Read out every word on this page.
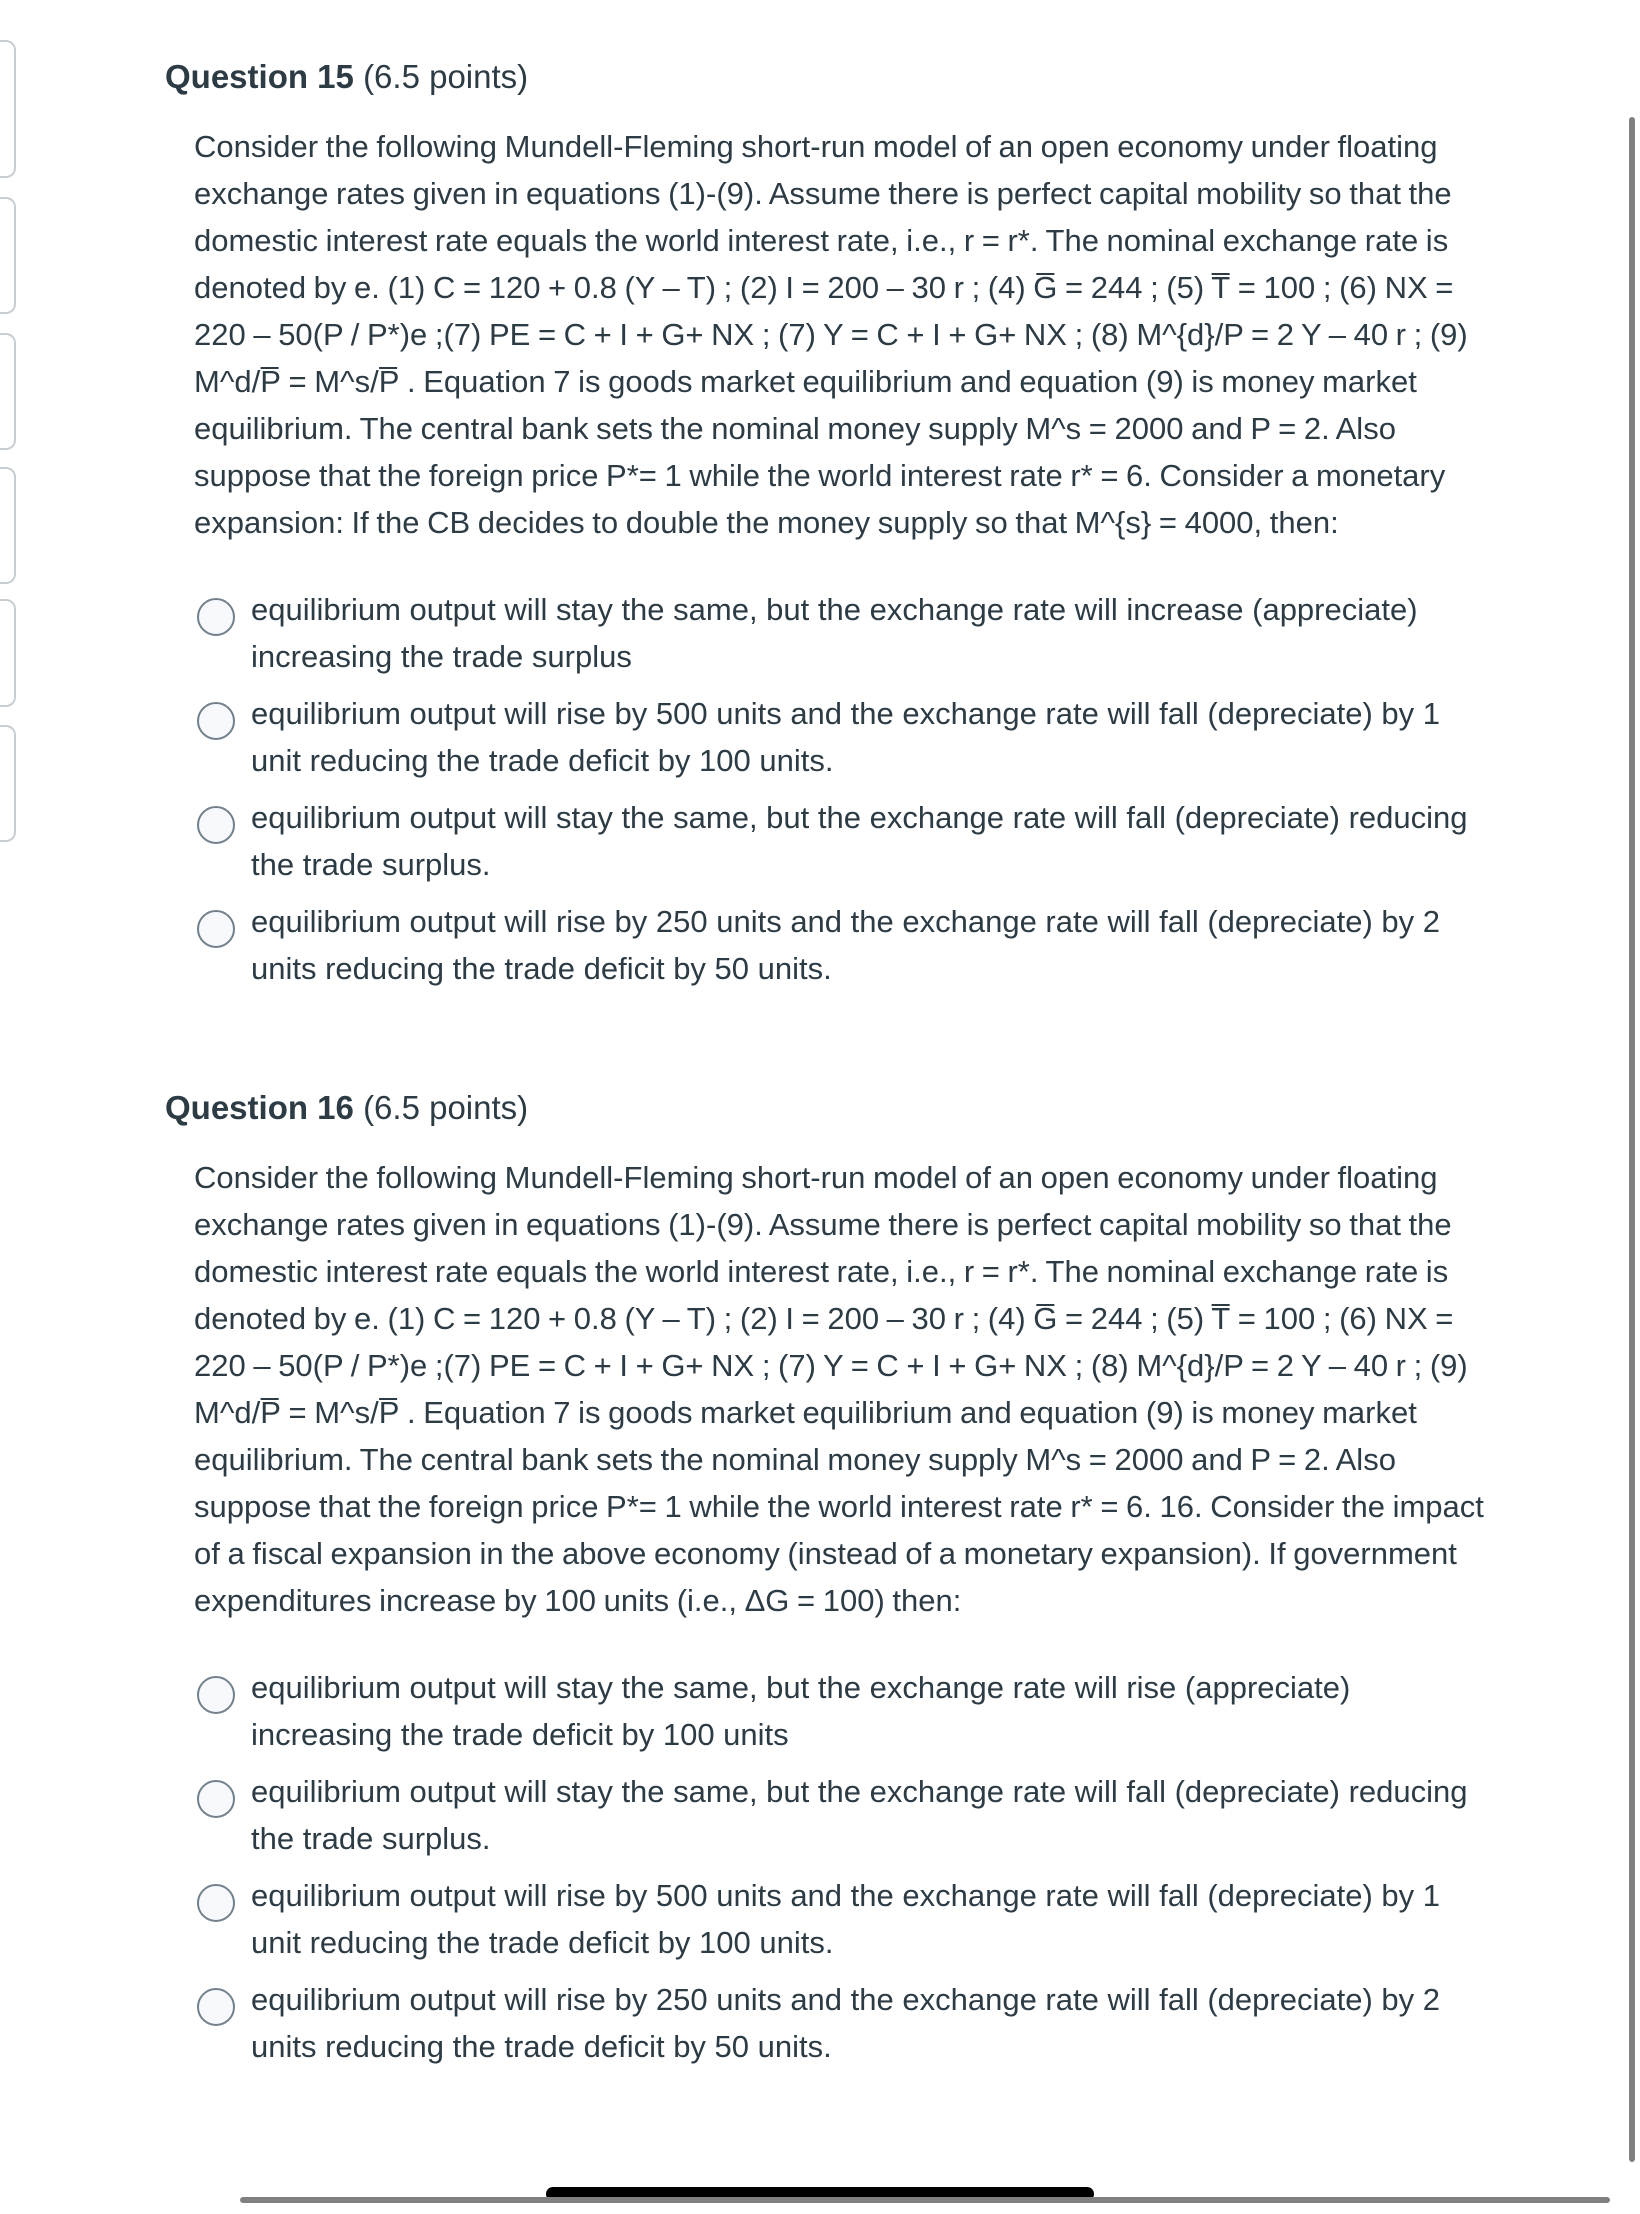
Question 15 (6.5 points)
Consider the following Mundell-Fleming short-run model of an open economy under floating exchange rates given in equations (1)-(9). Assume there is perfect capital mobility so that the domestic interest rate equals the world interest rate, i.e., r = r*. The nominal exchange rate is denoted by e. (1) C = 120 + 0.8 (Y – T) ; (2) I = 200 – 30 r ; (4) G̅ = 244 ; (5) T̅ = 100 ; (6) NX = 220 – 50(P / P*)e ;(7) PE = C + I + G+ NX ; (7) Y = C + I + G+ NX ; (8) M^{d}/P = 2 Y – 40 r ; (9) M^d/P̅ = M^s/P̅ . Equation 7 is goods market equilibrium and equation (9) is money market equilibrium. The central bank sets the nominal money supply M^s = 2000 and P = 2. Also suppose that the foreign price P*= 1 while the world interest rate r* = 6. Consider a monetary expansion: If the CB decides to double the money supply so that M^{s} = 4000, then:
equilibrium output will stay the same, but the exchange rate will increase (appreciate) increasing the trade surplus
equilibrium output will rise by 500 units and the exchange rate will fall (depreciate) by 1 unit reducing the trade deficit by 100 units.
equilibrium output will stay the same, but the exchange rate will fall (depreciate) reducing the trade surplus.
equilibrium output will rise by 250 units and the exchange rate will fall (depreciate) by 2 units reducing the trade deficit by 50 units.
Question 16 (6.5 points)
Consider the following Mundell-Fleming short-run model of an open economy under floating exchange rates given in equations (1)-(9). Assume there is perfect capital mobility so that the domestic interest rate equals the world interest rate, i.e., r = r*. The nominal exchange rate is denoted by e. (1) C = 120 + 0.8 (Y – T) ; (2) I = 200 – 30 r ; (4) G̅ = 244 ; (5) T̅ = 100 ; (6) NX = 220 – 50(P / P*)e ;(7) PE = C + I + G+ NX ; (7) Y = C + I + G+ NX ; (8) M^{d}/P = 2 Y – 40 r ; (9) M^d/P̅ = M^s/P̅ . Equation 7 is goods market equilibrium and equation (9) is money market equilibrium. The central bank sets the nominal money supply M^s = 2000 and P = 2. Also suppose that the foreign price P*= 1 while the world interest rate r* = 6. 16. Consider the impact of a fiscal expansion in the above economy (instead of a monetary expansion). If government expenditures increase by 100 units (i.e., ΔG = 100) then:
equilibrium output will stay the same, but the exchange rate will rise (appreciate) increasing the trade deficit by 100 units
equilibrium output will stay the same, but the exchange rate will fall (depreciate) reducing the trade surplus.
equilibrium output will rise by 500 units and the exchange rate will fall (depreciate) by 1 unit reducing the trade deficit by 100 units.
equilibrium output will rise by 250 units and the exchange rate will fall (depreciate) by 2 units reducing the trade deficit by 50 units.
